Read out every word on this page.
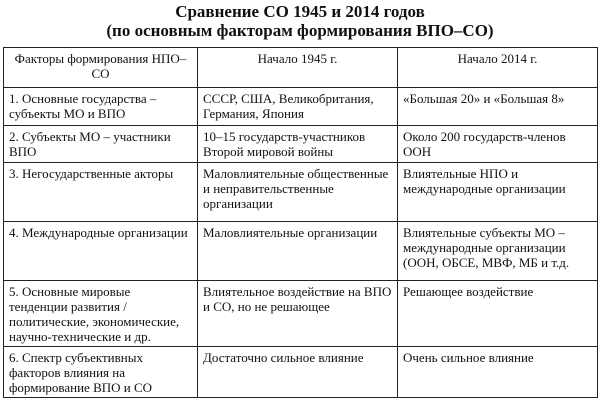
Сравнение СО 1945 и 2014 годов
(по основным факторам формирования ВПО–СО)
Факторы формирования НПО–СО	Начало 1945 г.	Начало 2014 г.
1. Основные государства – субъекты МО и ВПО	СССР, США, Великобритания, Германия, Япония	«Большая 20» и «Большая 8»
2. Субъекты МО – участники ВПО	10–15 государств-участников Второй мировой войны	Около 200 государств-членов ООН
3. Негосударственные акторы	Маловлиятельные общественные и неправительственные организации	Влиятельные НПО и международные организации
4. Международные организации	Маловлиятельные организации	Влиятельные субъекты МО – международные организации (ООН, ОБСЕ, МВФ, МБ и т.д.
5. Основные мировые тенденции развития / политические, экономические, научно-технические и др.	Влиятельное воздействие на ВПО и СО, но не решающее	Решающее воздействие
6. Спектр субъективных факторов влияния на формирование ВПО и СО	Достаточно сильное влияние	Очень сильное влияние
